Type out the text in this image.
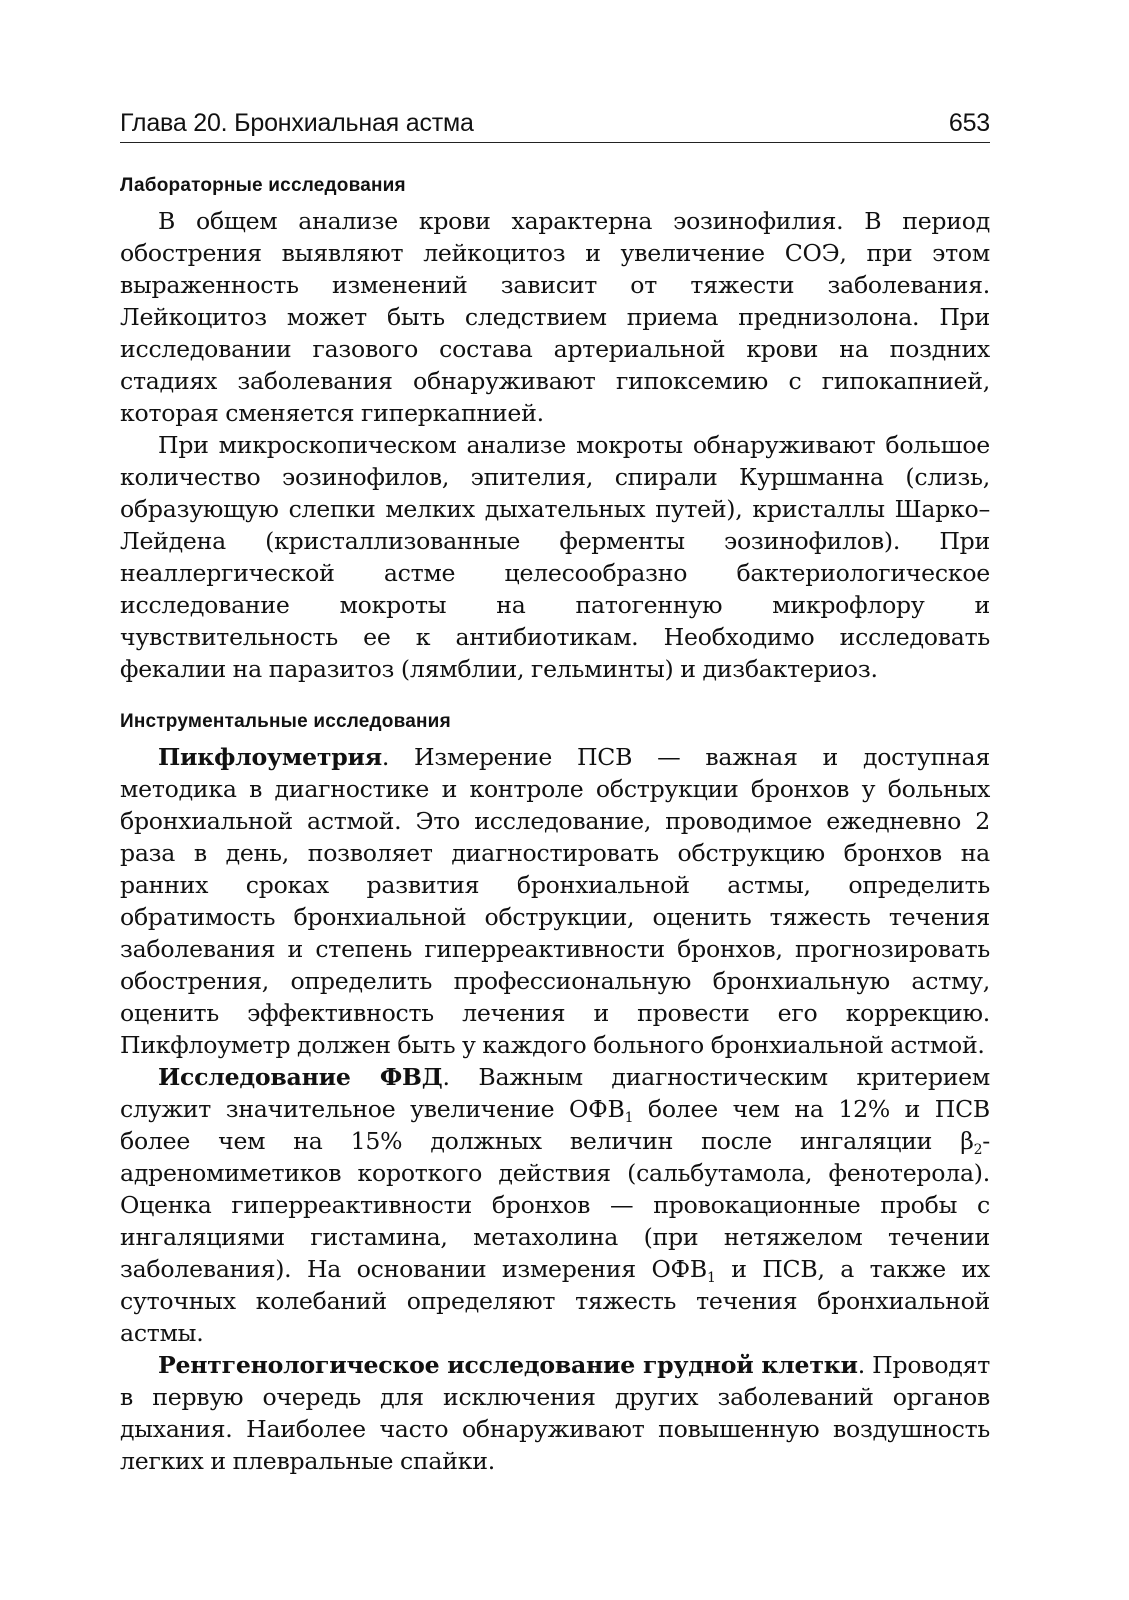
Глава 20. Бронхиальная астма	653
Лабораторные исследования

В общем анализе крови характерна эозинофилия. В период обострения выявляют лейкоцитоз и увеличение СОЭ, при этом выраженность изменений зависит от тяжести заболевания. Лейкоцитоз может быть следствием приема преднизолона. При исследовании газового состава артериальной крови на поздних стадиях заболевания обнаруживают гипоксемию с гипокапнией, которая сменяется гиперкапнией.

При микроскопическом анализе мокроты обнаруживают большое количество эозинофилов, эпителия, спирали Куршманна (слизь, образующую слепки мелких дыхательных путей), кристаллы Шарко–Лейдена (кристаллизованные ферменты эозинофилов). При неаллергической астме целесообразно бактериологическое исследование мокроты на патогенную микрофлору и чувствительность ее к антибиотикам. Необходимо исследовать фекалии на паразитоз (лямблии, гельминты) и дизбактериоз.

Инструментальные исследования

Пикфлоуметрия. Измерение ПСВ — важная и доступная методика в диагностике и контроле обструкции бронхов у больных бронхиальной астмой. Это исследование, проводимое ежедневно 2 раза в день, позволяет диагностировать обструкцию бронхов на ранних сроках развития бронхиальной астмы, определить обратимость бронхиальной обструкции, оценить тяжесть течения заболевания и степень гиперреактивности бронхов, прогнозировать обострения, определить профессиональную бронхиальную астму, оценить эффективность лечения и провести его коррекцию. Пикфлоуметр должен быть у каждого больного бронхиальной астмой.

Исследование ФВД. Важным диагностическим критерием служит значительное увеличение $ОФВ_1$ более чем на 12% и ПСВ более чем на 15% должных величин после ингаляции $\beta_2$-адреномиметиков короткого действия (сальбутамола, фенотерола). Оценка гиперреактивности бронхов — провокационные пробы с ингаляциями гистамина, метахолина (при нетяжелом течении заболевания). На основании измерения $ОФВ_1$ и ПСВ, а также их суточных колебаний определяют тяжесть течения бронхиальной астмы.

Рентгенологическое исследование грудной клетки. Проводят в первую очередь для исключения других заболеваний органов дыхания. Наиболее часто обнаруживают повышенную воздушность легких и плевральные спайки.
